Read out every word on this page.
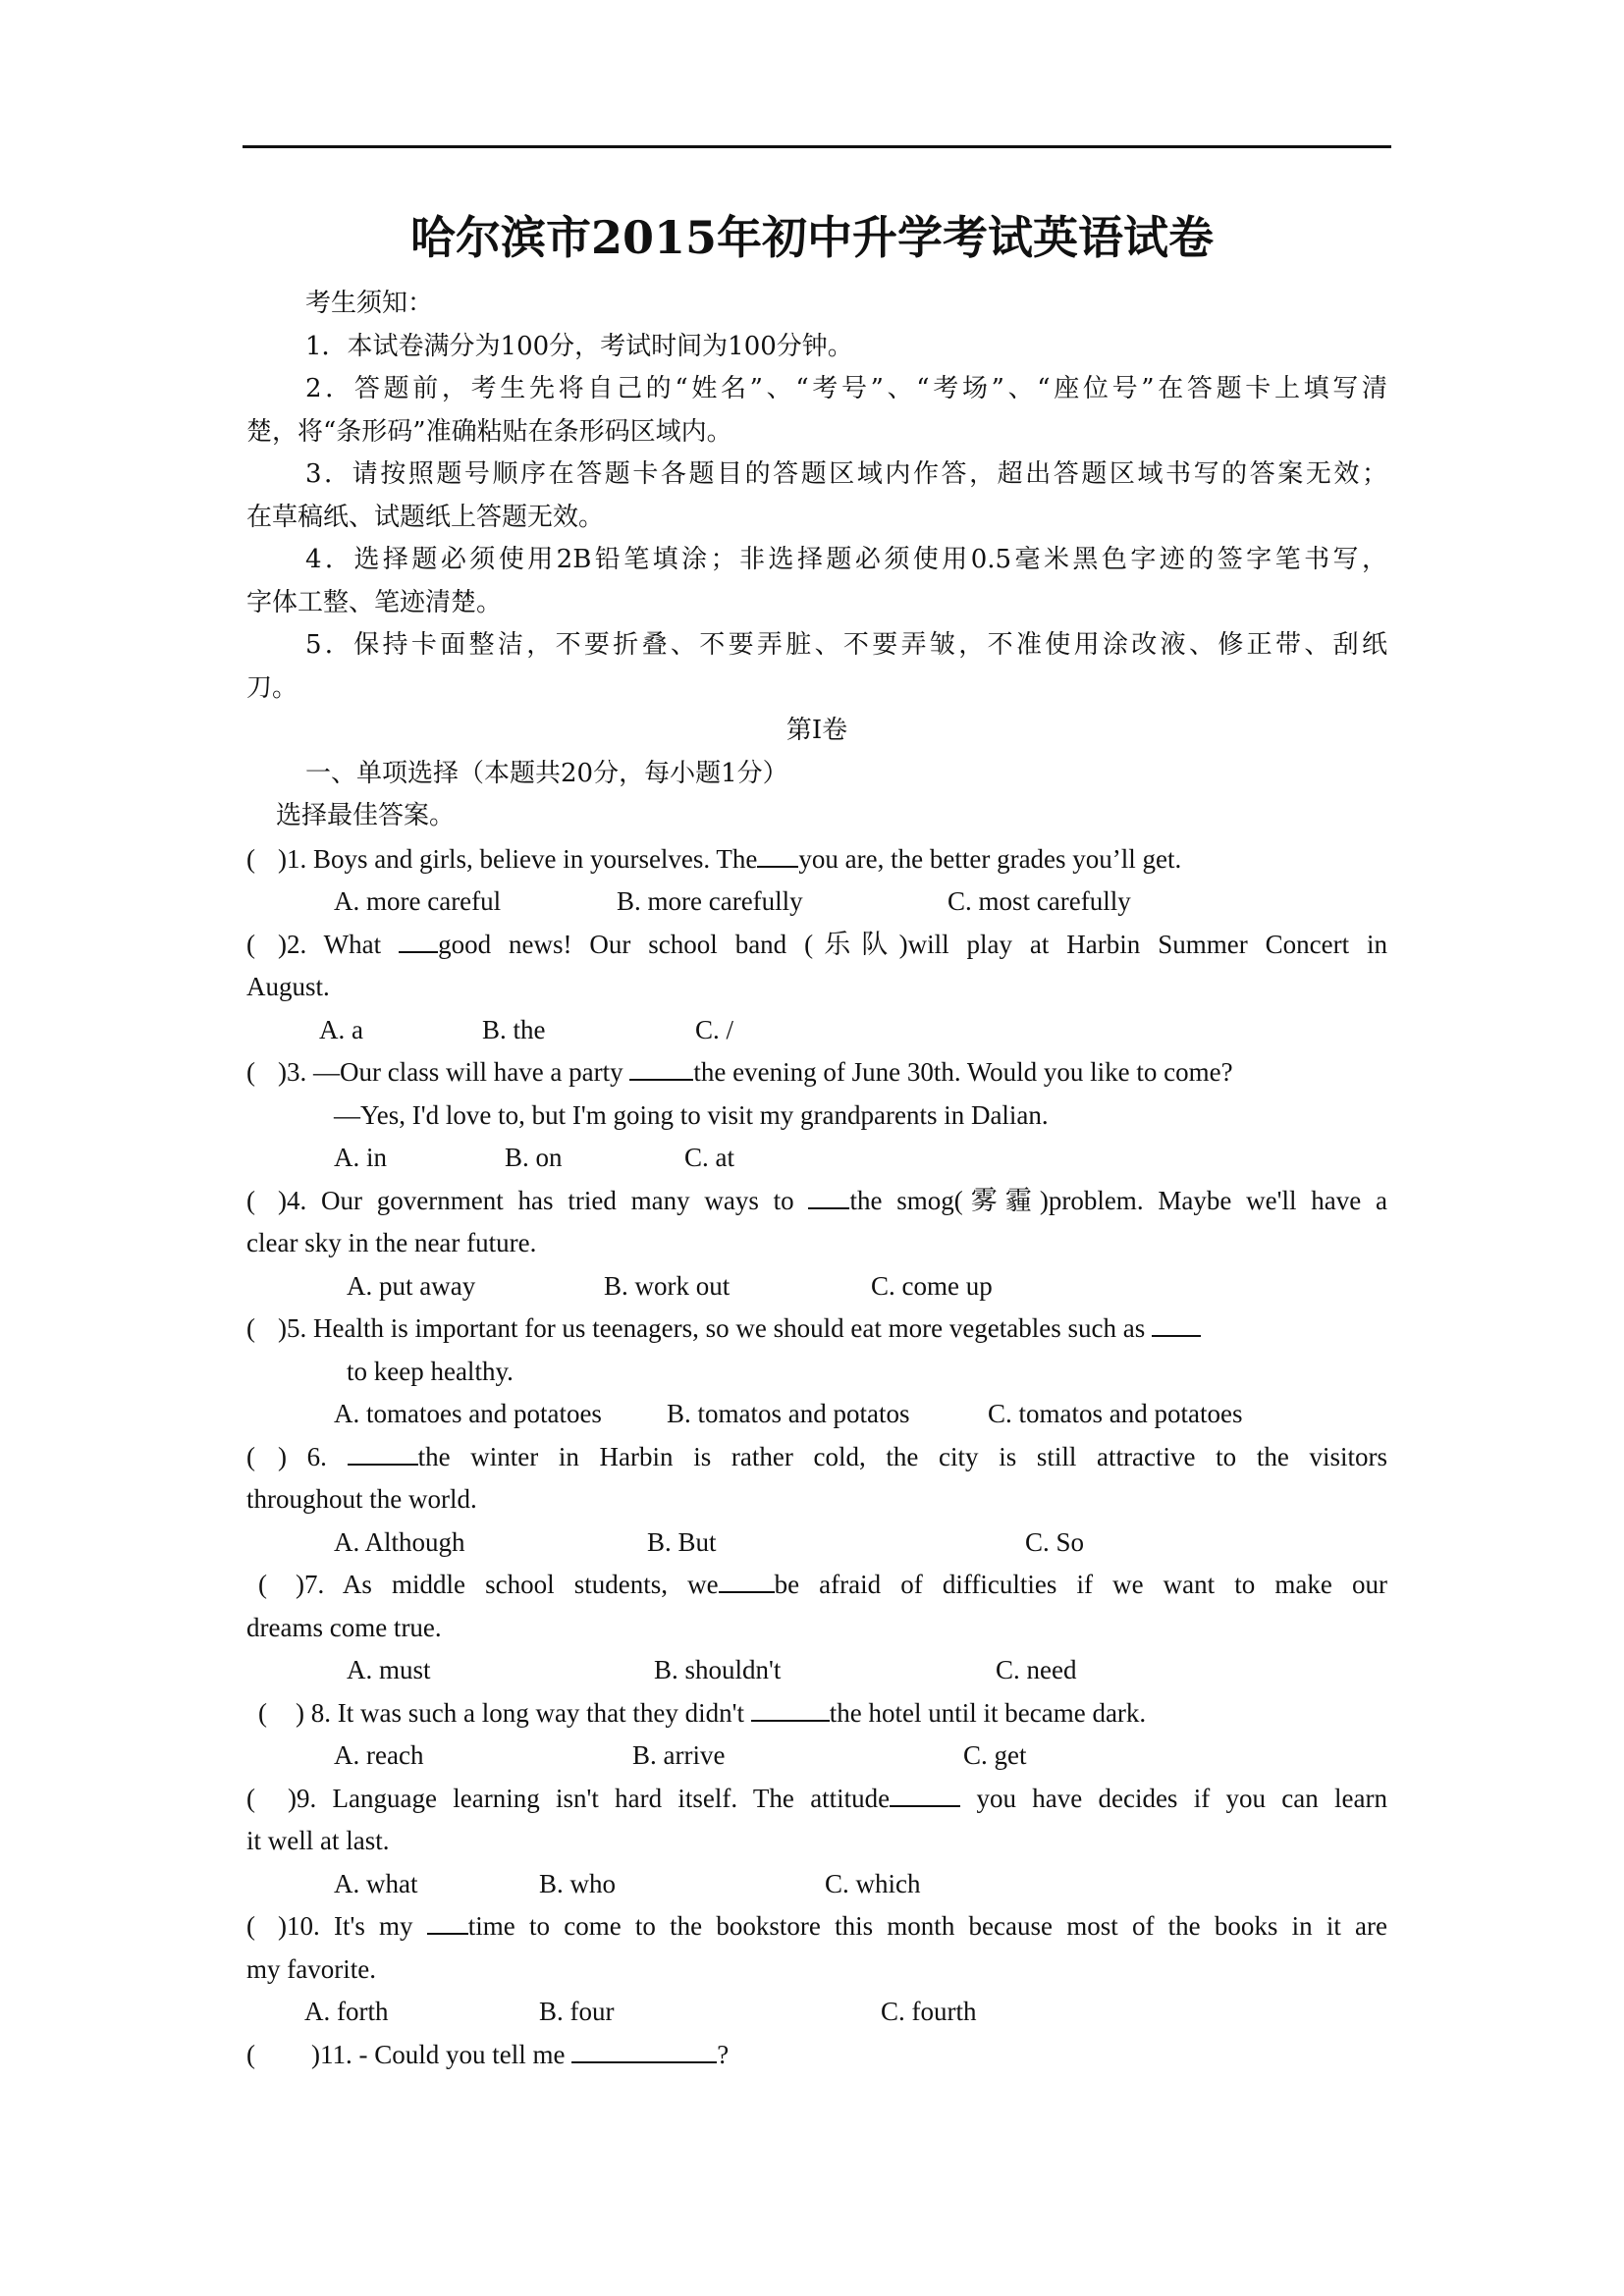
哈尔滨市2015年初中升学考试英语试卷
考生须知：
1．本试卷满分为100分，考试时间为100分钟。
2．答题前，考生先将自己的“姓名”、“考号”、“考场”、“座位号”在答题卡上填写清
楚，将“条形码”准确粘贴在条形码区域内。
3．请按照题号顺序在答题卡各题目的答题区域内作答，超出答题区域书写的答案无效；
在草稿纸、试题纸上答题无效。
4．选择题必须使用2B铅笔填涂；非选择题必须使用0.5毫米黑色字迹的签字笔书写，
字体工整、笔迹清楚。
5．保持卡面整洁，不要折叠、不要弄脏、不要弄皱，不准使用涂改液、修正带、刮纸
刀。
第Ⅰ卷
一、单项选择（本题共20分，每小题1分）
选择最佳答案。
( )1. Boys and girls, believe in yourselves. The you are, the better grades you’ll get.
A. more careful	B. more carefully	C. most carefully
( )2. What good news! Our school band (乐队)will play at Harbin Summer Concert in
August.
A. a	B. the	C. /
( )3. —Our class will have a party the evening of June 30th. Would you like to come?
—Yes, I'd love to, but I'm going to visit my grandparents in Dalian.
A. in	B. on	C. at
( )4. Our government has tried many ways to the smog(雾霾)problem. Maybe we'll have a
clear sky in the near future.
A. put away	B. work out	C. come up
( )5. Health is important for us teenagers, so we should eat more vegetables such as
to keep healthy.
A. tomatoes and potatoes B. tomatos and potatos	C. tomatos and potatoes
( ) 6.	the winter in Harbin is rather cold, the city is still attractive to the visitors
throughout the world.
A. Although	B. But	C. So
( )7. As middle school students, we be afraid of difficulties if we want to make our
dreams come true.
A. must	B. shouldn't	C. need
( ) 8. It was such a long way that they didn't	the hotel until it became dark.
A. reach	B. arrive	C. get
( )9. Language learning isn't hard itself. The attitude	you have decides if you can learn
it well at last.
A. what	B. who	C. which
( )10. It's my time to come to the bookstore this month because most of the books in it are
my favorite.
A. forth	B. four	C. fourth
( )11. - Could you tell me	?
